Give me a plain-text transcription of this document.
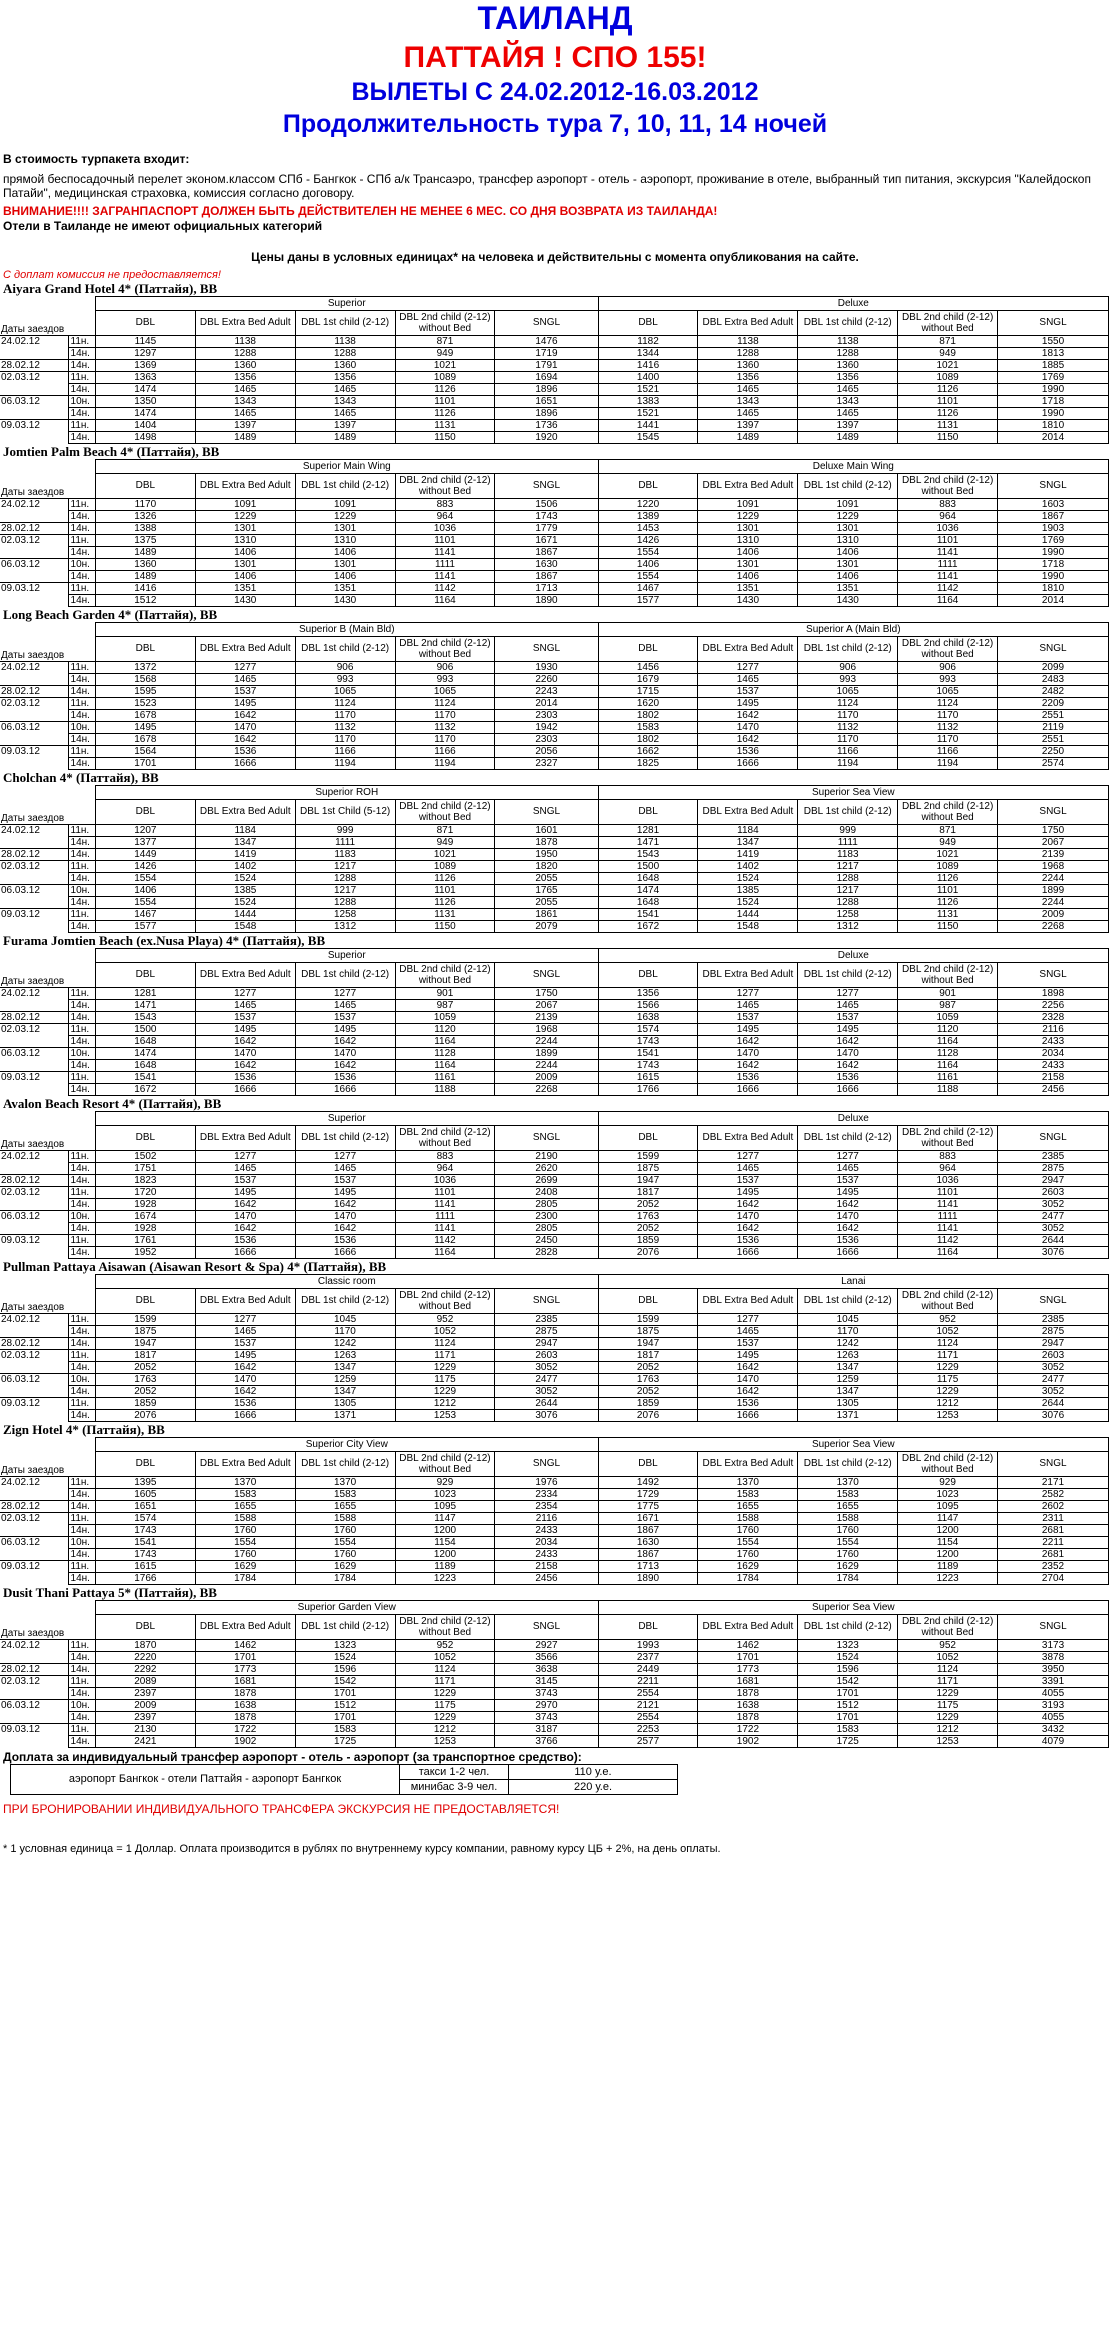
ТАИЛАНД
ПАТТАЙЯ ! СПО 155!
ВЫЛЕТЫ С 24.02.2012-16.03.2012
Продолжительность тура 7, 10, 11, 14 ночей
В стоимость турпакета входит:
прямой беспосадочный перелет эконом.классом СПб - Бангкок - СПб а/к Трансаэро, трансфер аэропорт - отель - аэропорт, проживание в отеле, выбранный тип питания, экскурсия "Калейдоскоп Патайи", медицинская страховка, комиссия согласно договору.
ВНИМАНИЕ!!!! ЗАГРАНПАСПОРТ ДОЛЖЕН БЫТЬ ДЕЙСТВИТЕЛЕН НЕ МЕНЕЕ 6 МЕС. СО ДНЯ ВОЗВРАТА ИЗ ТАИЛАНДА!
Отели в Таиланде не имеют официальных категорий
Цены даны в условных единицах* на человека и действительны с момента опубликования на сайте.
С доплат комиссия не предоставляется!
Aiyara Grand Hotel 4* (Паттайя), BB
		Superior					Deluxe				
Даты заездов		DBL	DBL Extra Bed Adult	DBL 1st child (2-12)	DBL 2nd child (2-12) without Bed	SNGL	DBL	DBL Extra Bed Adult	DBL 1st child (2-12)	DBL 2nd child (2-12) without Bed	SNGL
24.02.12	11н.	1145	1138	1138	871	1476	1182	1138	1138	871	1550
	14н.	1297	1288	1288	949	1719	1344	1288	1288	949	1813
28.02.12	14н.	1369	1360	1360	1021	1791	1416	1360	1360	1021	1885
02.03.12	11н.	1363	1356	1356	1089	1694	1400	1356	1356	1089	1769
	14н.	1474	1465	1465	1126	1896	1521	1465	1465	1126	1990
06.03.12	10н.	1350	1343	1343	1101	1651	1383	1343	1343	1101	1718
	14н.	1474	1465	1465	1126	1896	1521	1465	1465	1126	1990
09.03.12	11н.	1404	1397	1397	1131	1736	1441	1397	1397	1131	1810
	14н.	1498	1489	1489	1150	1920	1545	1489	1489	1150	2014
Jomtien Palm Beach 4* (Паттайя), BB
		Superior Main Wing					Deluxe Main Wing				
Даты заездов		DBL	DBL Extra Bed Adult	DBL 1st child (2-12)	DBL 2nd child (2-12) without Bed	SNGL	DBL	DBL Extra Bed Adult	DBL 1st child (2-12)	DBL 2nd child (2-12) without Bed	SNGL
24.02.12	11н.	1170	1091	1091	883	1506	1220	1091	1091	883	1603
	14н.	1326	1229	1229	964	1743	1389	1229	1229	964	1867
28.02.12	14н.	1388	1301	1301	1036	1779	1453	1301	1301	1036	1903
02.03.12	11н.	1375	1310	1310	1101	1671	1426	1310	1310	1101	1769
	14н.	1489	1406	1406	1141	1867	1554	1406	1406	1141	1990
06.03.12	10н.	1360	1301	1301	1111	1630	1406	1301	1301	1111	1718
	14н.	1489	1406	1406	1141	1867	1554	1406	1406	1141	1990
09.03.12	11н.	1416	1351	1351	1142	1713	1467	1351	1351	1142	1810
	14н.	1512	1430	1430	1164	1890	1577	1430	1430	1164	2014
Long Beach Garden 4* (Паттайя), BB
		Superior B (Main Bld)					Superior A (Main Bld)				
Даты заездов		DBL	DBL Extra Bed Adult	DBL 1st child (2-12)	DBL 2nd child (2-12) without Bed	SNGL	DBL	DBL Extra Bed Adult	DBL 1st child (2-12)	DBL 2nd child (2-12) without Bed	SNGL
24.02.12	11н.	1372	1277	906	906	1930	1456	1277	906	906	2099
	14н.	1568	1465	993	993	2260	1679	1465	993	993	2483
28.02.12	14н.	1595	1537	1065	1065	2243	1715	1537	1065	1065	2482
02.03.12	11н.	1523	1495	1124	1124	2014	1620	1495	1124	1124	2209
	14н.	1678	1642	1170	1170	2303	1802	1642	1170	1170	2551
06.03.12	10н.	1495	1470	1132	1132	1942	1583	1470	1132	1132	2119
	14н.	1678	1642	1170	1170	2303	1802	1642	1170	1170	2551
09.03.12	11н.	1564	1536	1166	1166	2056	1662	1536	1166	1166	2250
	14н.	1701	1666	1194	1194	2327	1825	1666	1194	1194	2574
Cholchan 4* (Паттайя), BB
		Superior ROH					Superior Sea View				
Даты заездов		DBL	DBL Extra Bed Adult	DBL 1st Child (5-12)	DBL 2nd child (2-12) without Bed	SNGL	DBL	DBL Extra Bed Adult	DBL 1st child (2-12)	DBL 2nd child (2-12) without Bed	SNGL
24.02.12	11н.	1207	1184	999	871	1601	1281	1184	999	871	1750
	14н.	1377	1347	1111	949	1878	1471	1347	1111	949	2067
28.02.12	14н.	1449	1419	1183	1021	1950	1543	1419	1183	1021	2139
02.03.12	11н.	1426	1402	1217	1089	1820	1500	1402	1217	1089	1968
	14н.	1554	1524	1288	1126	2055	1648	1524	1288	1126	2244
06.03.12	10н.	1406	1385	1217	1101	1765	1474	1385	1217	1101	1899
	14н.	1554	1524	1288	1126	2055	1648	1524	1288	1126	2244
09.03.12	11н.	1467	1444	1258	1131	1861	1541	1444	1258	1131	2009
	14н.	1577	1548	1312	1150	2079	1672	1548	1312	1150	2268
Furama Jomtien Beach (ex.Nusa Playa) 4* (Паттайя), BB
		Superior					Deluxe				
Даты заездов		DBL	DBL Extra Bed Adult	DBL 1st child (2-12)	DBL 2nd child (2-12) without Bed	SNGL	DBL	DBL Extra Bed Adult	DBL 1st child (2-12)	DBL 2nd child (2-12) without Bed	SNGL
24.02.12	11н.	1281	1277	1277	901	1750	1356	1277	1277	901	1898
	14н.	1471	1465	1465	987	2067	1566	1465	1465	987	2256
28.02.12	14н.	1543	1537	1537	1059	2139	1638	1537	1537	1059	2328
02.03.12	11н.	1500	1495	1495	1120	1968	1574	1495	1495	1120	2116
	14н.	1648	1642	1642	1164	2244	1743	1642	1642	1164	2433
06.03.12	10н.	1474	1470	1470	1128	1899	1541	1470	1470	1128	2034
	14н.	1648	1642	1642	1164	2244	1743	1642	1642	1164	2433
09.03.12	11н.	1541	1536	1536	1161	2009	1615	1536	1536	1161	2158
	14н.	1672	1666	1666	1188	2268	1766	1666	1666	1188	2456
Avalon Beach Resort 4* (Паттайя), BB
		Superior					Deluxe				
Даты заездов		DBL	DBL Extra Bed Adult	DBL 1st child (2-12)	DBL 2nd child (2-12) without Bed	SNGL	DBL	DBL Extra Bed Adult	DBL 1st child (2-12)	DBL 2nd child (2-12) without Bed	SNGL
24.02.12	11н.	1502	1277	1277	883	2190	1599	1277	1277	883	2385
	14н.	1751	1465	1465	964	2620	1875	1465	1465	964	2875
28.02.12	14н.	1823	1537	1537	1036	2699	1947	1537	1537	1036	2947
02.03.12	11н.	1720	1495	1495	1101	2408	1817	1495	1495	1101	2603
	14н.	1928	1642	1642	1141	2805	2052	1642	1642	1141	3052
06.03.12	10н.	1674	1470	1470	1111	2300	1763	1470	1470	1111	2477
	14н.	1928	1642	1642	1141	2805	2052	1642	1642	1141	3052
09.03.12	11н.	1761	1536	1536	1142	2450	1859	1536	1536	1142	2644
	14н.	1952	1666	1666	1164	2828	2076	1666	1666	1164	3076
Pullman Pattaya Aisawan (Aisawan Resort & Spa) 4* (Паттайя), BB
		Classic room					Lanai				
Даты заездов		DBL	DBL Extra Bed Adult	DBL 1st child (2-12)	DBL 2nd child (2-12) without Bed	SNGL	DBL	DBL Extra Bed Adult	DBL 1st child (2-12)	DBL 2nd child (2-12) without Bed	SNGL
24.02.12	11н.	1599	1277	1045	952	2385	1599	1277	1045	952	2385
	14н.	1875	1465	1170	1052	2875	1875	1465	1170	1052	2875
28.02.12	14н.	1947	1537	1242	1124	2947	1947	1537	1242	1124	2947
02.03.12	11н.	1817	1495	1263	1171	2603	1817	1495	1263	1171	2603
	14н.	2052	1642	1347	1229	3052	2052	1642	1347	1229	3052
06.03.12	10н.	1763	1470	1259	1175	2477	1763	1470	1259	1175	2477
	14н.	2052	1642	1347	1229	3052	2052	1642	1347	1229	3052
09.03.12	11н.	1859	1536	1305	1212	2644	1859	1536	1305	1212	2644
	14н.	2076	1666	1371	1253	3076	2076	1666	1371	1253	3076
Zign Hotel 4* (Паттайя), BB
		Superior City View					Superior Sea View				
Даты заездов		DBL	DBL Extra Bed Adult	DBL 1st child (2-12)	DBL 2nd child (2-12) without Bed	SNGL	DBL	DBL Extra Bed Adult	DBL 1st child (2-12)	DBL 2nd child (2-12) without Bed	SNGL
24.02.12	11н.	1395	1370	1370	929	1976	1492	1370	1370	929	2171
	14н.	1605	1583	1583	1023	2334	1729	1583	1583	1023	2582
28.02.12	14н.	1651	1655	1655	1095	2354	1775	1655	1655	1095	2602
02.03.12	11н.	1574	1588	1588	1147	2116	1671	1588	1588	1147	2311
	14н.	1743	1760	1760	1200	2433	1867	1760	1760	1200	2681
06.03.12	10н.	1541	1554	1554	1154	2034	1630	1554	1554	1154	2211
	14н.	1743	1760	1760	1200	2433	1867	1760	1760	1200	2681
09.03.12	11н.	1615	1629	1629	1189	2158	1713	1629	1629	1189	2352
	14н.	1766	1784	1784	1223	2456	1890	1784	1784	1223	2704
Dusit Thani Pattaya 5* (Паттайя), BB
		Superior Garden View					Superior Sea View				
Даты заездов		DBL	DBL Extra Bed Adult	DBL 1st child (2-12)	DBL 2nd child (2-12) without Bed	SNGL	DBL	DBL Extra Bed Adult	DBL 1st child (2-12)	DBL 2nd child (2-12) without Bed	SNGL
24.02.12	11н.	1870	1462	1323	952	2927	1993	1462	1323	952	3173
	14н.	2220	1701	1524	1052	3566	2377	1701	1524	1052	3878
28.02.12	14н.	2292	1773	1596	1124	3638	2449	1773	1596	1124	3950
02.03.12	11н.	2089	1681	1542	1171	3145	2211	1681	1542	1171	3391
	14н.	2397	1878	1701	1229	3743	2554	1878	1701	1229	4055
06.03.12	10н.	2009	1638	1512	1175	2970	2121	1638	1512	1175	3193
	14н.	2397	1878	1701	1229	3743	2554	1878	1701	1229	4055
09.03.12	11н.	2130	1722	1583	1212	3187	2253	1722	1583	1212	3432
	14н.	2421	1902	1725	1253	3766	2577	1902	1725	1253	4079
Доплата за индивидуальный трансфер аэропорт - отель - аэропорт (за транспортное средство):
аэропорт Бангкок - отели Паттайя - аэропорт Бангкок	такси 1-2 чел.	110 у.е.
	минибас 3-9 чел.	220 у.е.
ПРИ БРОНИРОВАНИИ ИНДИВИДУАЛЬНОГО ТРАНСФЕРА ЭКСКУРСИЯ НЕ ПРЕДОСТАВЛЯЕТСЯ!
* 1 условная единица = 1 Доллар. Оплата производится в рублях по внутреннему курсу компании, равному курсу ЦБ + 2%, на день оплаты.
